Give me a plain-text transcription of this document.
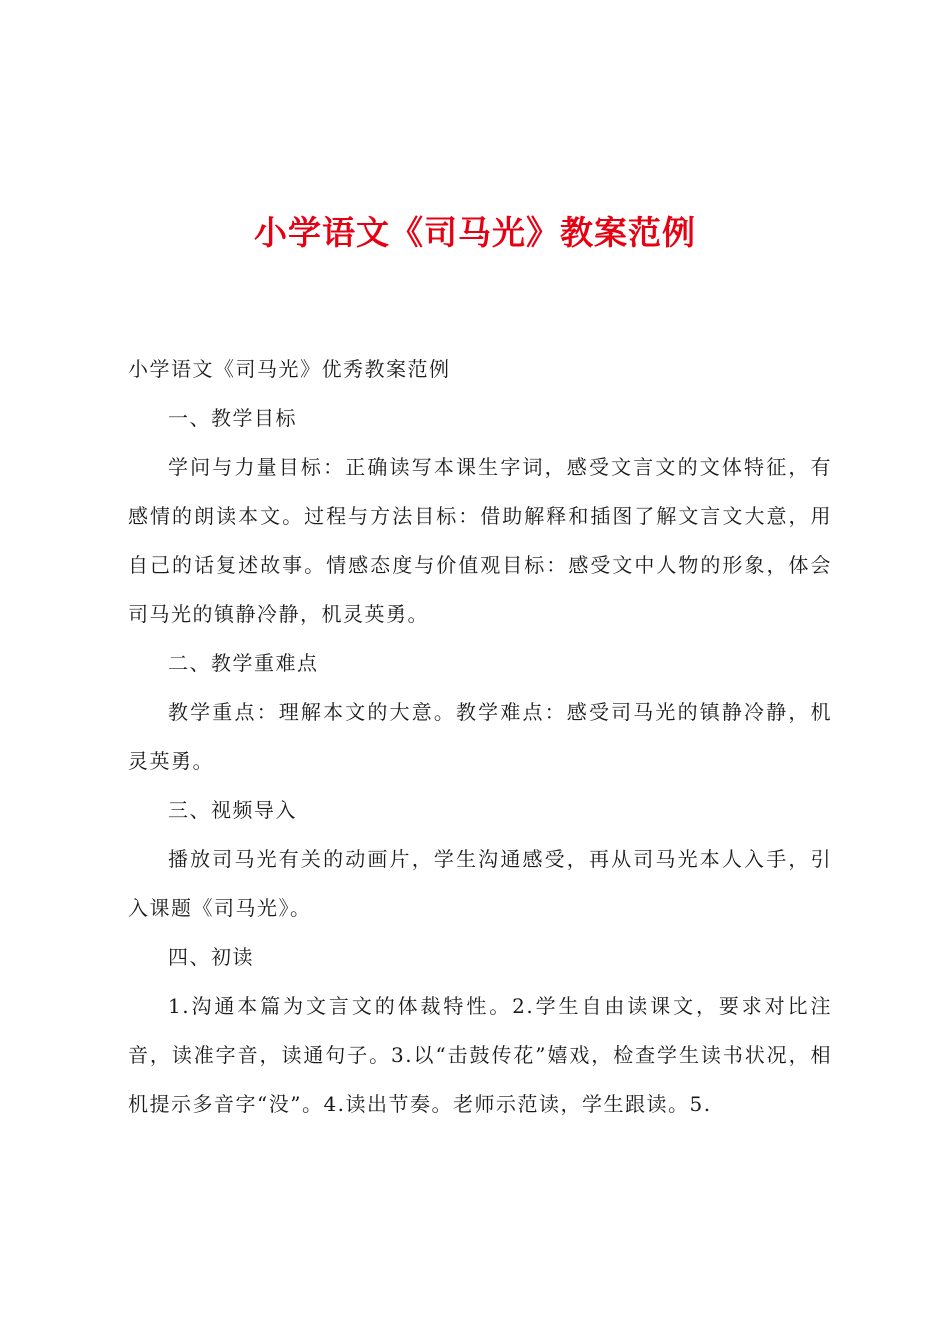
小学语文《司马光》教案范例

小学语文《司马光》优秀教案范例

一、教学目标

学问与力量目标：正确读写本课生字词，感受文言文的文体特征，有感情的朗读本文。过程与方法目标：借助解释和插图了解文言文大意，用自己的话复述故事。情感态度与价值观目标：感受文中人物的形象，体会司马光的镇静冷静，机灵英勇。

二、教学重难点

教学重点：理解本文的大意。教学难点：感受司马光的镇静冷静，机灵英勇。

三、视频导入

播放司马光有关的动画片，学生沟通感受，再从司马光本人入手，引入课题《司马光》。

四、初读

1.沟通本篇为文言文的体裁特性。2.学生自由读课文，要求对比注音，读准字音，读通句子。3.以“击鼓传花”嬉戏，检查学生读书状况，相机提示多音字“没”。4.读出节奏。老师示范读，学生跟读。5.
